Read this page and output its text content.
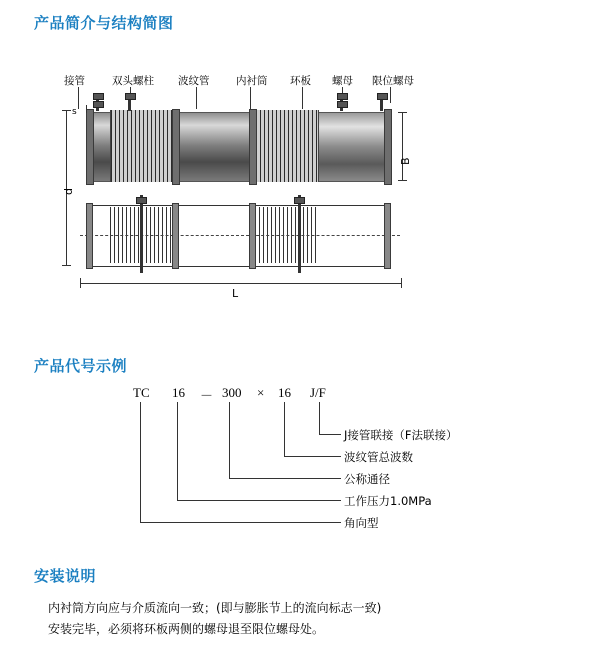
产品简介与结构简图
产品代号示例
安装说明
接管	双头螺柱 波纹管	内衬筒 环板 螺母 限位螺母
d
B
L
s
TC 16 － 300 × 16 J/F
J接管联接（F法联接）
波纹管总波数
公称通径
工作压力1.0MPa
角向型
内衬筒方向应与介质流向一致；(即与膨胀节上的流向标志一致)
安装完毕，必须将环板两侧的螺母退至限位螺母处。
